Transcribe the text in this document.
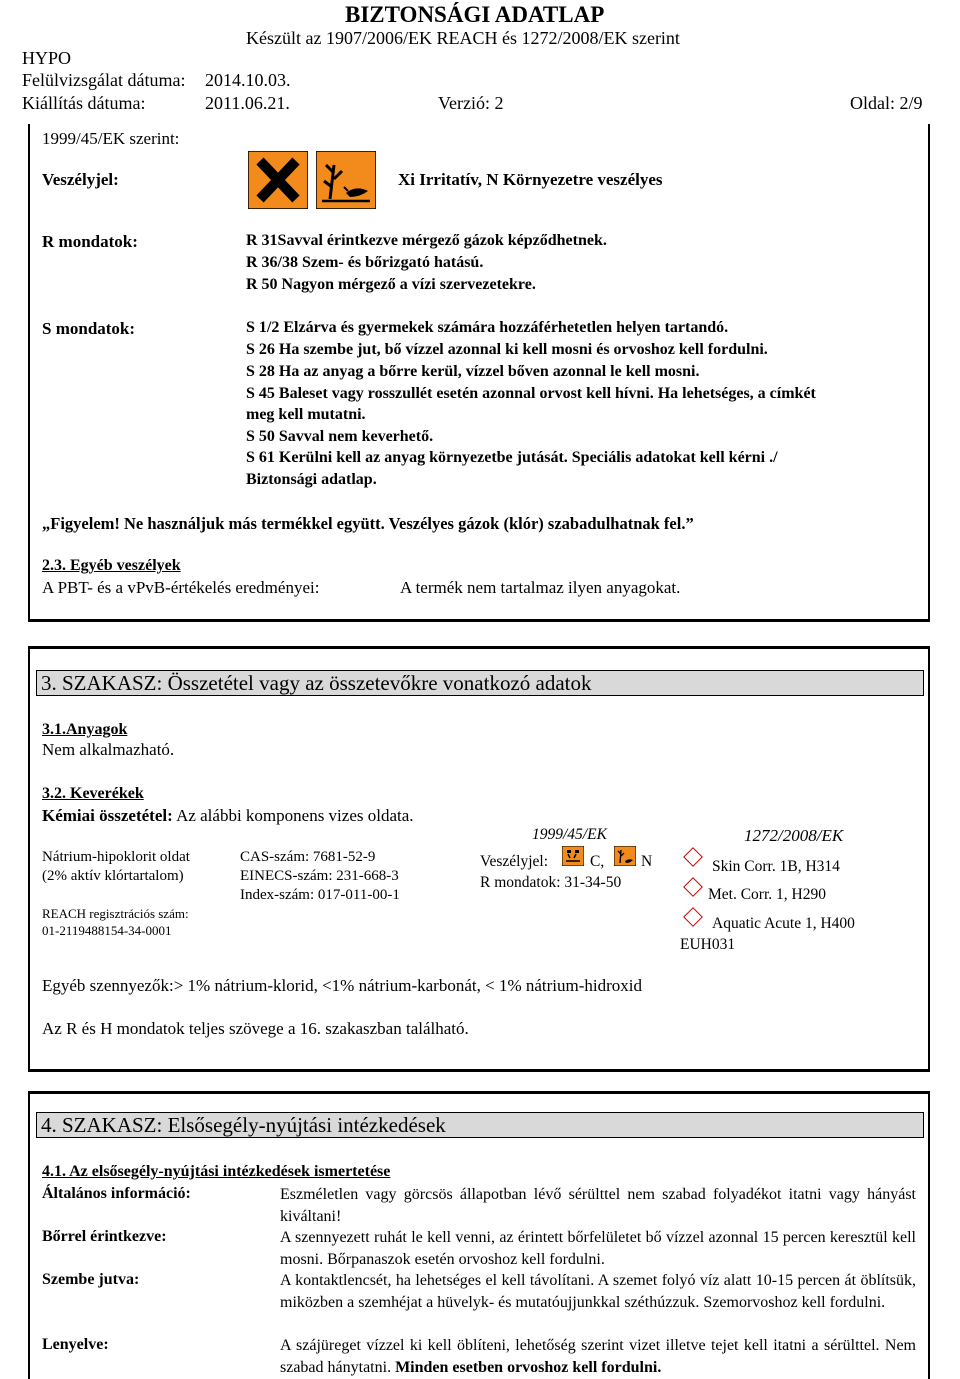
BIZTONSÁGI ADATLAP
Készült az 1907/2006/EK REACH és 1272/2008/EK szerint
HYPO
Felülvizsgálat dátuma: 2014.10.03.
Kiállítás dátuma:	2011.06.21.	Verzió: 2	Oldal: 2/9
1999/45/EK szerint:
Veszélyjel:	Xi Irritatív, N Környezetre veszélyes
R mondatok:	R 31Savval érintkezve mérgező gázok képződhetnek.
R 36/38 Szem- és bőrizgató hatású.
R 50 Nagyon mérgező a vízi szervezetekre.
S mondatok:	S 1/2 Elzárva és gyermekek számára hozzáférhetetlen helyen tartandó.
S 26 Ha szembe jut, bő vízzel azonnal ki kell mosni és orvoshoz kell fordulni.
S 28 Ha az anyag a bőrre kerül, vízzel bőven azonnal le kell mosni.
S 45 Baleset vagy rosszullét esetén azonnal orvost kell hívni. Ha lehetséges, a címkét
meg kell mutatni.
S 50 Savval nem keverhető.
S 61 Kerülni kell az anyag környezetbe jutását. Speciális adatokat kell kérni ./
Biztonsági adatlap.
„Figyelem! Ne használjuk más termékkel együtt. Veszélyes gázok (klór) szabadulhatnak fel.”
2.3. Egyéb veszélyek
A PBT- és a vPvB-értékelés eredményei:	A termék nem tartalmaz ilyen anyagokat.
3. SZAKASZ: Összetétel vagy az összetevőkre vonatkozó adatok
3.1.Anyagok
Nem alkalmazható.
3.2. Keverékek
Kémiai összetétel: Az alábbi komponens vizes oldata.
Nátrium-hipoklorit oldat
(2% aktív klórtartalom)
CAS-szám: 7681-52-9
EINECS-szám: 231-668-3
Index-szám: 017-011-00-1
REACH regisztrációs szám:
01-2119488154-34-0001
1999/45/EK
Veszélyjel:	C, N
R mondatok: 31-34-50
1272/2008/EK
Skin Corr. 1B, H314
Met. Corr. 1, H290
Aquatic Acute 1, H400
EUH031
Egyéb szennyezők:> 1% nátrium-klorid, <1% nátrium-karbonát, < 1% nátrium-hidroxid
Az R és H mondatok teljes szövege a 16. szakaszban található.
4. SZAKASZ: Elsősegély-nyújtási intézkedések
4.1. Az elsősegély-nyújtási intézkedések ismertetése
Általános információ:	Eszméletlen vagy görcsös állapotban lévő sérülttel nem szabad folyadékot itatni vagy hányást kiváltani!
Bőrrel érintkezve:	A szennyezett ruhát le kell venni, az érintett bőrfelületet bő vízzel azonnal 15 percen keresztül kell mosni. Bőrpanaszok esetén orvoshoz kell fordulni.
Szembe jutva:	A kontaktlencsét, ha lehetséges el kell távolítani. A szemet folyó víz alatt 10-15 percen át öblítsük, miközben a szemhéjat a hüvelyk- és mutatóujjunkkal széthúzzuk. Szemorvoshoz kell fordulni.
Lenyelve:	A szájüreget vízzel ki kell öblíteni, lehetőség szerint vizet illetve tejet kell itatni a sérülttel. Nem szabad hánytatni. Minden esetben orvoshoz kell fordulni.
